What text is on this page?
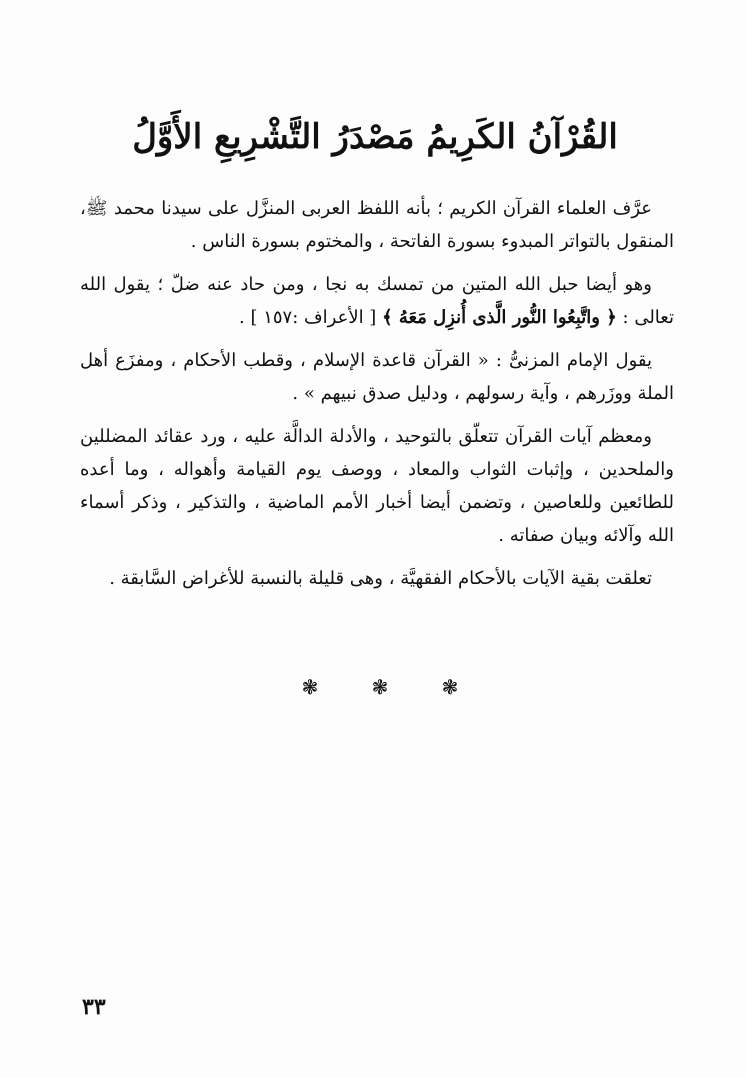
القُرْآنُ الكَرِيمُ مَصْدَرُ التَّشْرِيعِ الأَوَّلُ

عرَّف العلماء القرآن الكريم ؛ بأنه اللفظ العربى المنزَّل على سيدنا محمد ﷺ، المنقول بالتواتر المبدوء بسورة الفاتحة ، والمختوم بسورة الناس .

وهو أيضا حبل الله المتين من تمسك به نجا ، ومن حاد عنه ضلّ ؛ يقول الله تعالى : ﴿ واتَّبِعُوا النُّور الَّذى أُنزِل مَعَهُ ﴾ [ الأعراف :١٥٧ ] .

يقول الإمام المزنىُّ : « القرآن قاعدة الإسلام ، وقطب الأحكام ، ومفزَع أهل الملة ووزَرهم ، وآية رسولهم ، ودليل صدق نبيهم » .

ومعظم آيات القرآن تتعلّق بالتوحيد ، والأدلة الدالَّة عليه ، ورد عقائد المضللين والملحدين ، وإثبات الثواب والمعاد ، ووصف يوم القيامة وأهواله ، وما أعده للطائعين وللعاصين ، وتضمن أيضا أخبار الأمم الماضية ، والتذكير ، وذكر أسماء الله وآلائه وبيان صفاته .

تعلقت بقية الآيات بالأحكام الفقهيَّة ، وهى قليلة بالنسبة للأغراض السَّابقة .

❃	❃	❃
٣٣
